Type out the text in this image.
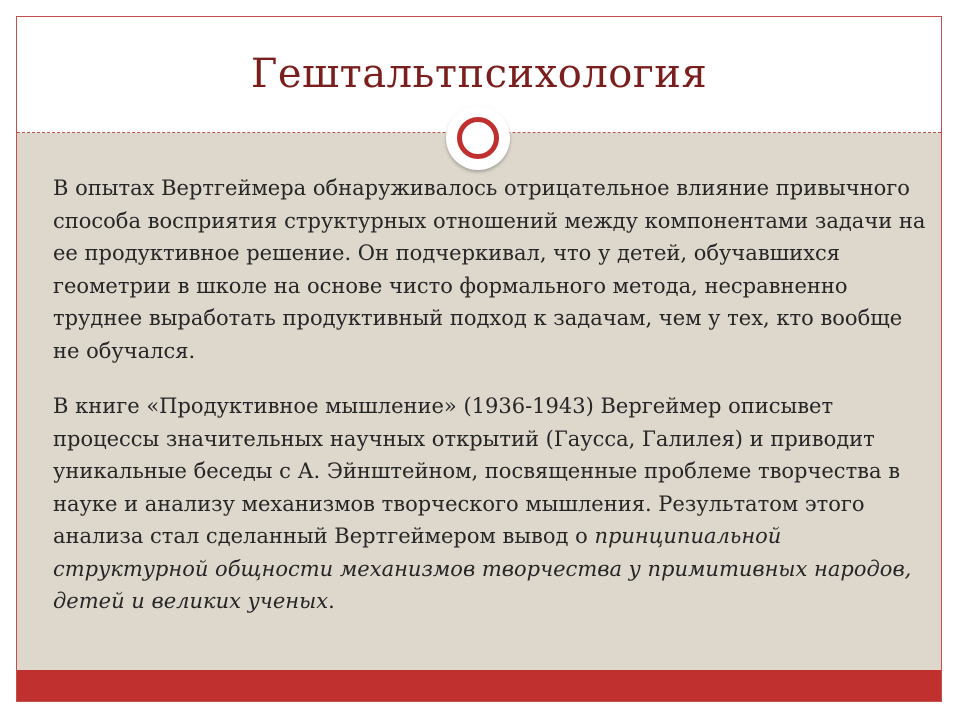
Гештальтпсихология

В опытах Вертгеймера обнаруживалось отрицательное влияние привычного способа восприятия структурных отношений между компонентами задачи на ее продуктивное решение. Он подчеркивал, что у детей, обучавшихся геометрии в школе на основе чисто формального метода, несравненно труднее выработать продуктивный подход к задачам, чем у тех, кто вообще не обучался.

В книге «Продуктивное мышление» (1936-1943) Вергеймер описывет процессы значительных научных открытий (Гаусса, Галилея) и приводит уникальные беседы с А. Эйнштейном, посвященные проблеме творчества в науке и анализу механизмов творческого мышления. Результатом этого анализа стал сделанный Вертгеймером вывод о принципиальной структурной общности механизмов творчества у примитивных народов, детей и великих ученых.
